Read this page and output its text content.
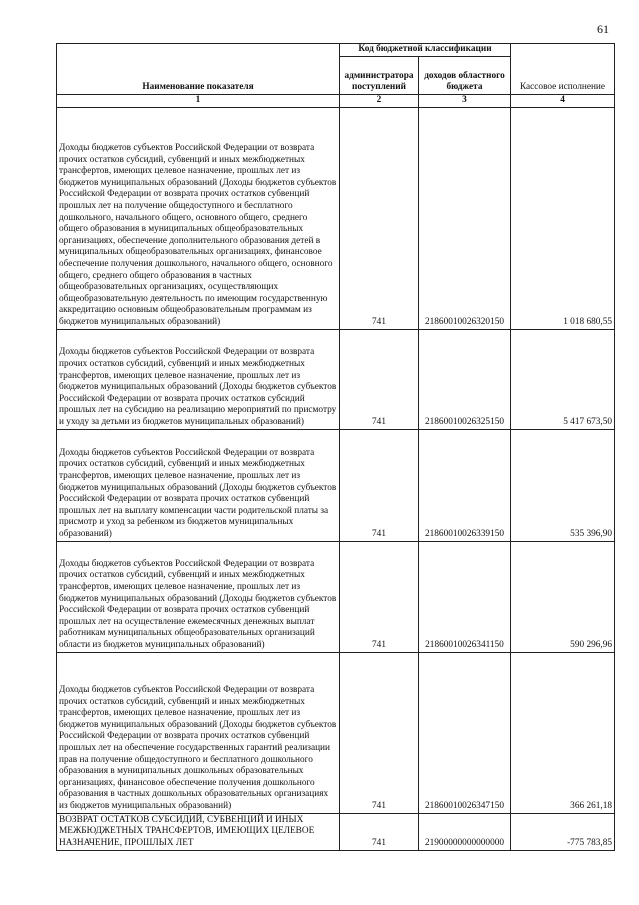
61
Наименование показателя	Код бюджетной классификации		Кассовое исполнение
	администратора поступлений	доходов областного бюджета	
1	2	3	4
Доходы бюджетов субъектов Российской Федерации от возврата прочих остатков субсидий, субвенций и иных межбюджетных трансфертов, имеющих целевое назначение, прошлых лет из бюджетов муниципальных образований (Доходы бюджетов субъектов Российской Федерации от возврата прочих остатков субвенций прошлых лет на получение общедоступного и бесплатного дошкольного, начального общего, основного общего, среднего общего образования в муниципальных общеобразовательных организациях, обеспечение дополнительного образования детей в муниципальных общеобразовательных организациях, финансовое обеспечение получения дошкольного, начального общего, основного общего, среднего общего образования в частных общеобразовательных организациях, осуществляющих общеобразовательную деятельность по имеющим государственную аккредитацию основным общеобразовательным программам из бюджетов муниципальных образований)	741	21860010026320150	1 018 680,55
Доходы бюджетов субъектов Российской Федерации от возврата прочих остатков субсидий, субвенций и иных межбюджетных трансфертов, имеющих целевое назначение, прошлых лет из бюджетов муниципальных образований (Доходы бюджетов субъектов Российской Федерации от возврата прочих остатков субсидий прошлых лет на субсидию на реализацию мероприятий по присмотру и уходу за детьми из бюджетов муниципальных образований)	741	21860010026325150	5 417 673,50
Доходы бюджетов субъектов Российской Федерации от возврата прочих остатков субсидий, субвенций и иных межбюджетных трансфертов, имеющих целевое назначение, прошлых лет из бюджетов муниципальных образований (Доходы бюджетов субъектов Российской Федерации от возврата прочих остатков субвенций прошлых лет на выплату компенсации части родительской платы за присмотр и уход за ребенком из бюджетов муниципальных образований)	741	21860010026339150	535 396,90
Доходы бюджетов субъектов Российской Федерации от возврата прочих остатков субсидий, субвенций и иных межбюджетных трансфертов, имеющих целевое назначение, прошлых лет из бюджетов муниципальных образований (Доходы бюджетов субъектов Российской Федерации от возврата прочих остатков субвенций прошлых лет на осуществление ежемесячных денежных выплат работникам муниципальных общеобразовательных организаций области из бюджетов муниципальных образований)	741	21860010026341150	590 296,96
Доходы бюджетов субъектов Российской Федерации от возврата прочих остатков субсидий, субвенций и иных межбюджетных трансфертов, имеющих целевое назначение, прошлых лет из бюджетов муниципальных образований (Доходы бюджетов субъектов Российской Федерации от возврата прочих остатков субвенций прошлых лет на обеспечение государственных гарантий реализации прав на получение общедоступного и бесплатного дошкольного образования в муниципальных дошкольных образовательных организациях, финансовое обеспечение получения дошкольного образования в частных дошкольных образовательных организациях из бюджетов муниципальных образований)	741	21860010026347150	366 261,18
ВОЗВРАТ ОСТАТКОВ СУБСИДИЙ, СУБВЕНЦИЙ И ИНЫХ МЕЖБЮДЖЕТНЫХ ТРАНСФЕРТОВ, ИМЕЮЩИХ ЦЕЛЕВОЕ НАЗНАЧЕНИЕ, ПРОШЛЫХ ЛЕТ	741	21900000000000000	-775 783,85
